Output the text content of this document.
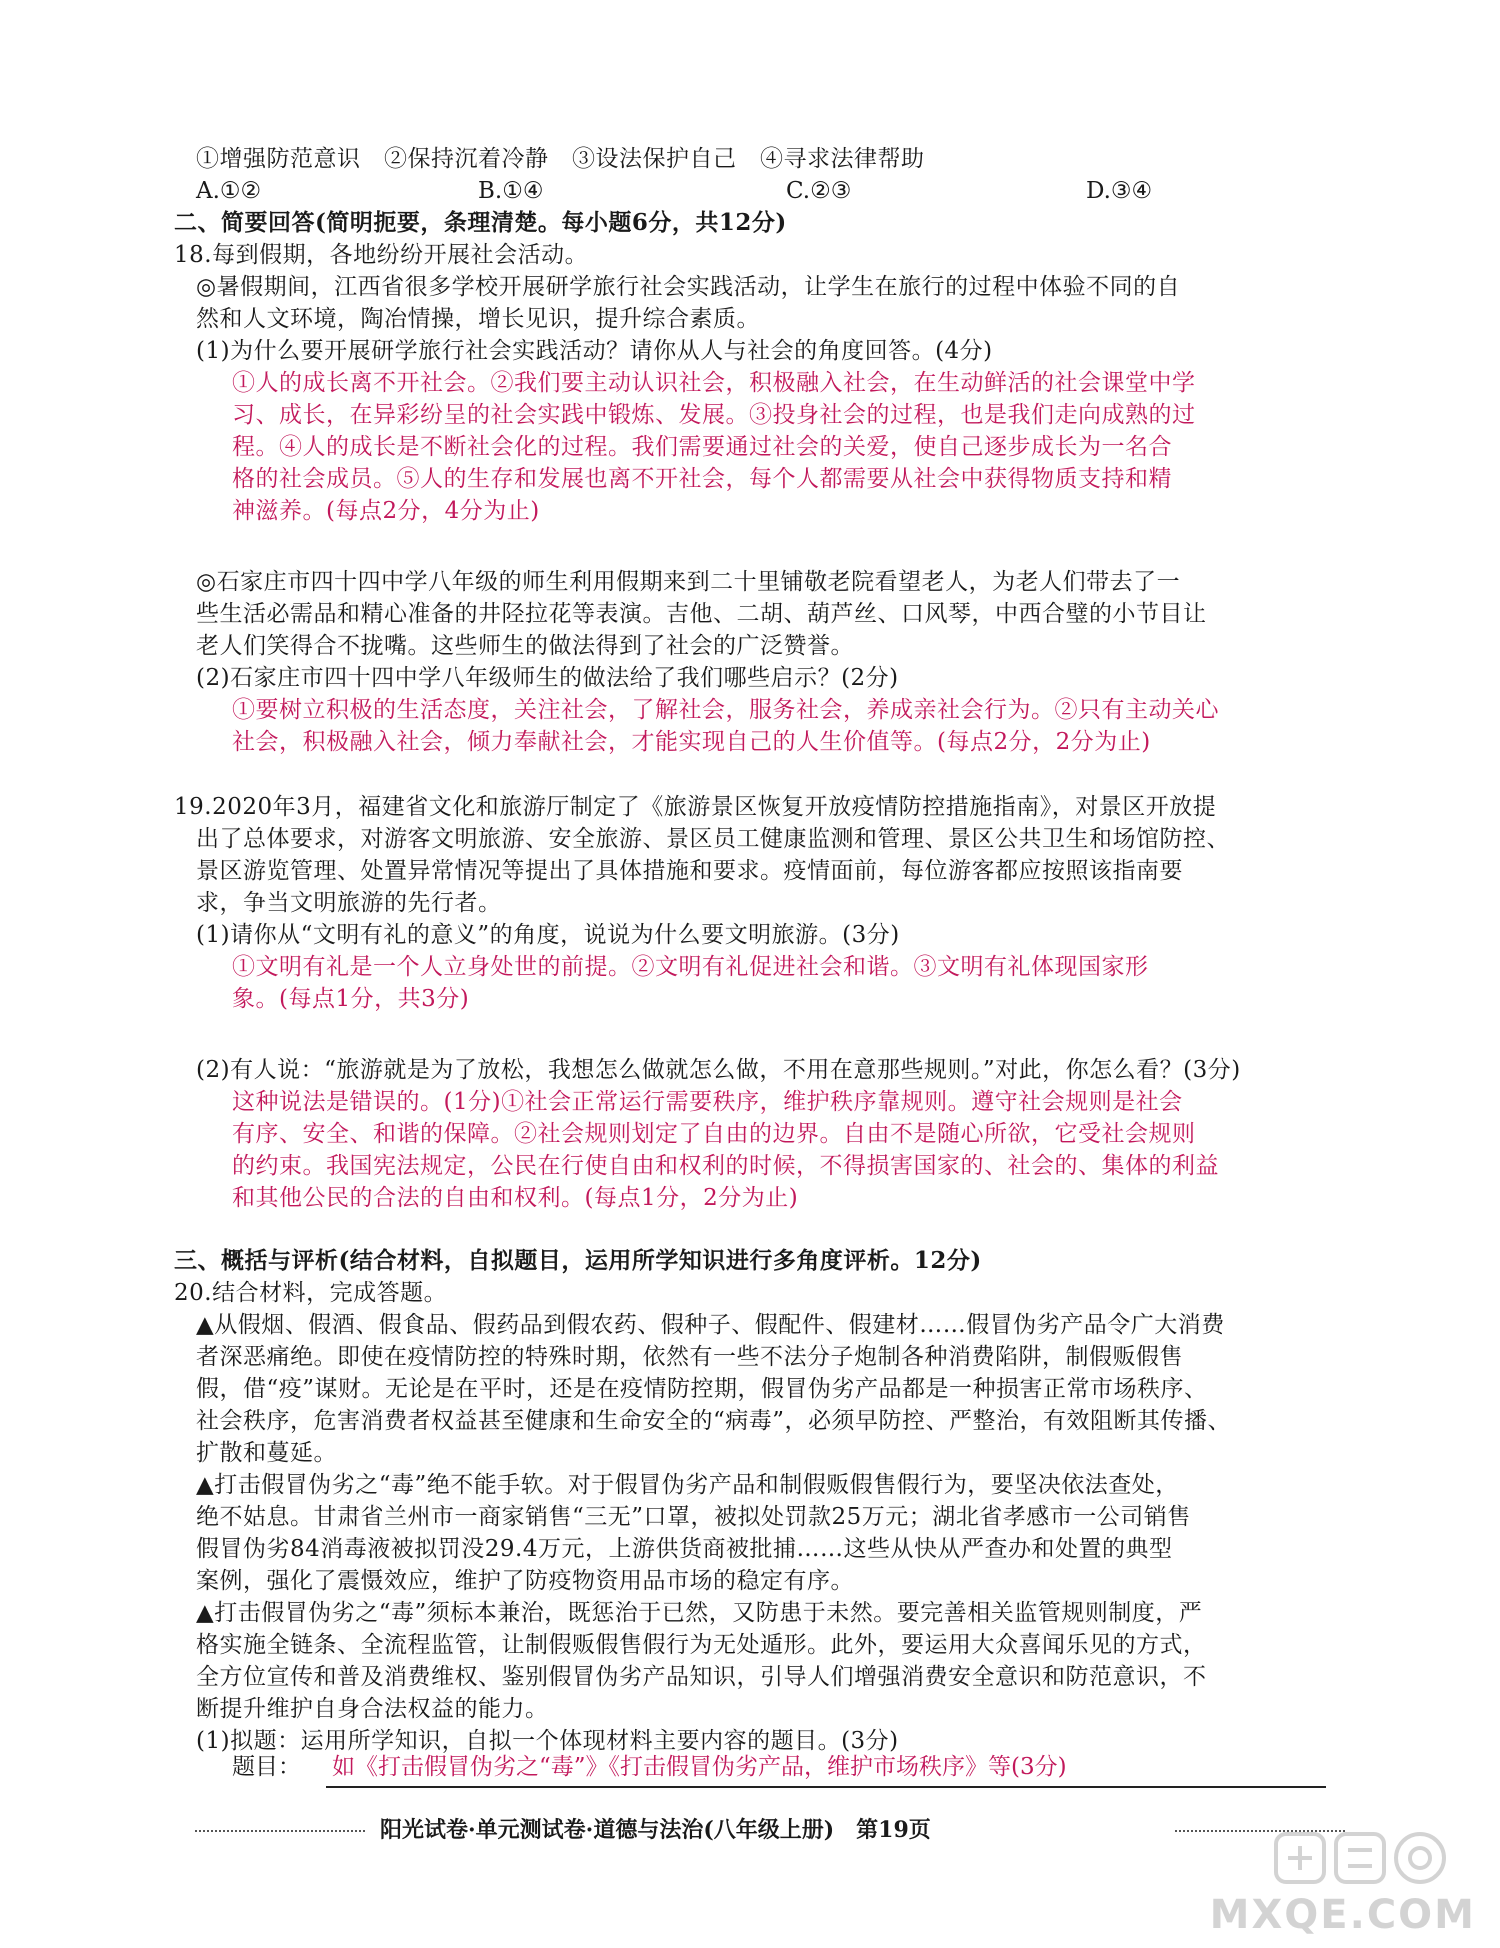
①增强防范意识　②保持沉着冷静　③设法保护自己　④寻求法律帮助
A.①②	B.①④	C.②③	D.③④
二、简要回答(简明扼要，条理清楚。每小题6分，共12分)
18.每到假期，各地纷纷开展社会活动。
◎暑假期间，江西省很多学校开展研学旅行社会实践活动，让学生在旅行的过程中体验不同的自
然和人文环境，陶冶情操，增长见识，提升综合素质。
(1)为什么要开展研学旅行社会实践活动？请你从人与社会的角度回答。(4分)
①人的成长离不开社会。②我们要主动认识社会，积极融入社会，在生动鲜活的社会课堂中学
习、成长，在异彩纷呈的社会实践中锻炼、发展。③投身社会的过程，也是我们走向成熟的过
程。④人的成长是不断社会化的过程。我们需要通过社会的关爱，使自己逐步成长为一名合
格的社会成员。⑤人的生存和发展也离不开社会，每个人都需要从社会中获得物质支持和精
神滋养。(每点2分，4分为止)
◎石家庄市四十四中学八年级的师生利用假期来到二十里铺敬老院看望老人，为老人们带去了一
些生活必需品和精心准备的井陉拉花等表演。吉他、二胡、葫芦丝、口风琴，中西合璧的小节目让
老人们笑得合不拢嘴。这些师生的做法得到了社会的广泛赞誉。
(2)石家庄市四十四中学八年级师生的做法给了我们哪些启示？(2分)
①要树立积极的生活态度，关注社会，了解社会，服务社会，养成亲社会行为。②只有主动关心
社会，积极融入社会，倾力奉献社会，才能实现自己的人生价值等。(每点2分，2分为止)
19.2020年3月，福建省文化和旅游厅制定了《旅游景区恢复开放疫情防控措施指南》，对景区开放提
出了总体要求，对游客文明旅游、安全旅游、景区员工健康监测和管理、景区公共卫生和场馆防控、
景区游览管理、处置异常情况等提出了具体措施和要求。疫情面前，每位游客都应按照该指南要
求，争当文明旅游的先行者。
(1)请你从“文明有礼的意义”的角度，说说为什么要文明旅游。(3分)
①文明有礼是一个人立身处世的前提。②文明有礼促进社会和谐。③文明有礼体现国家形
象。(每点1分，共3分)
(2)有人说：“旅游就是为了放松，我想怎么做就怎么做，不用在意那些规则。”对此，你怎么看？(3分)
这种说法是错误的。(1分)①社会正常运行需要秩序，维护秩序靠规则。遵守社会规则是社会
有序、安全、和谐的保障。②社会规则划定了自由的边界。自由不是随心所欲，它受社会规则
的约束。我国宪法规定，公民在行使自由和权利的时候，不得损害国家的、社会的、集体的利益
和其他公民的合法的自由和权利。(每点1分，2分为止)
三、概括与评析(结合材料，自拟题目，运用所学知识进行多角度评析。12分)
20.结合材料，完成答题。
▲从假烟、假酒、假食品、假药品到假农药、假种子、假配件、假建材……假冒伪劣产品令广大消费
者深恶痛绝。即使在疫情防控的特殊时期，依然有一些不法分子炮制各种消费陷阱，制假贩假售
假，借“疫”谋财。无论是在平时，还是在疫情防控期，假冒伪劣产品都是一种损害正常市场秩序、
社会秩序，危害消费者权益甚至健康和生命安全的“病毒”，必须早防控、严整治，有效阻断其传播、
扩散和蔓延。
▲打击假冒伪劣之“毒”绝不能手软。对于假冒伪劣产品和制假贩假售假行为，要坚决依法查处，
绝不姑息。甘肃省兰州市一商家销售“三无”口罩，被拟处罚款25万元；湖北省孝感市一公司销售
假冒伪劣84消毒液被拟罚没29.4万元，上游供货商被批捕……这些从快从严查办和处置的典型
案例，强化了震慑效应，维护了防疫物资用品市场的稳定有序。
▲打击假冒伪劣之“毒”须标本兼治，既惩治于已然，又防患于未然。要完善相关监管规则制度，严
格实施全链条、全流程监管，让制假贩假售假行为无处遁形。此外，要运用大众喜闻乐见的方式，
全方位宣传和普及消费维权、鉴别假冒伪劣产品知识，引导人们增强消费安全意识和防范意识，不
断提升维护自身合法权益的能力。
(1)拟题：运用所学知识，自拟一个体现材料主要内容的题目。(3分)
题目： 如《打击假冒伪劣之“毒”》《打击假冒伪劣产品，维护市场秩序》等(3分)
阳光试卷·单元测试卷·道德与法治(八年级上册)　第19页
MXQE.COM
